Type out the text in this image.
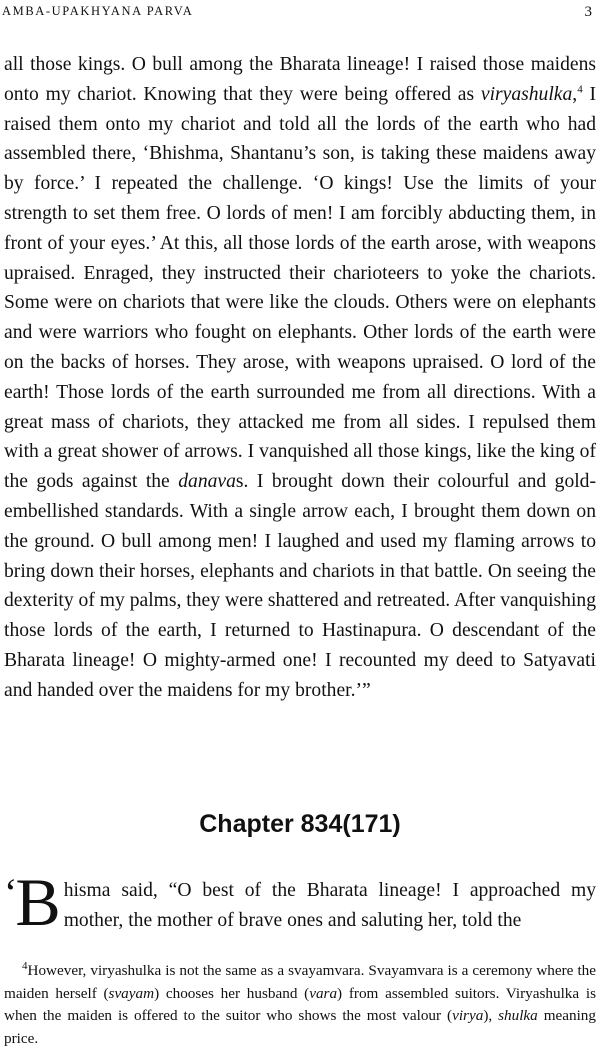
AMBA-UPAKHYANA PARVA	3

all those kings. O bull among the Bharata lineage! I raised those maidens onto my chariot. Knowing that they were being offered as viryashulka,$^4$ I raised them onto my chariot and told all the lords of the earth who had assembled there, ‘Bhishma, Shantanu’s son, is taking these maidens away by force.’ I repeated the challenge. ‘O kings! Use the limits of your strength to set them free. O lords of men! I am forcibly abducting them, in front of your eyes.’ At this, all those lords of the earth arose, with weapons upraised. Enraged, they instructed their charioteers to yoke the chariots. Some were on chariots that were like the clouds. Others were on elephants and were warriors who fought on elephants. Other lords of the earth were on the backs of horses. They arose, with weapons upraised. O lord of the earth! Those lords of the earth surrounded me from all directions. With a great mass of chariots, they attacked me from all sides. I repulsed them with a great shower of arrows. I vanquished all those kings, like the king of the gods against the danavas. I brought down their colourful and gold-embellished standards. With a single arrow each, I brought them down on the ground. O bull among men! I laughed and used my flaming arrows to bring down their horses, elephants and chariots in that battle. On seeing the dexterity of my palms, they were shattered and retreated. After vanquishing those lords of the earth, I returned to Hastinapura. O descendant of the Bharata lineage! O mighty-armed one! I recounted my deed to Satyavati and handed over the maidens for my brother.’”

Chapter 834(171)
‘
B hisma said, “O best of the Bharata lineage! I approached my mother, the mother of brave ones and saluting her, told the
$^4$However, viryashulka is not the same as a svayamvara. Svayamvara is a ceremony where the maiden herself (svayam) chooses her husband (vara) from assembled suitors. Viryashulka is when the maiden is offered to the suitor who shows the most valour (virya), shulka meaning price.
